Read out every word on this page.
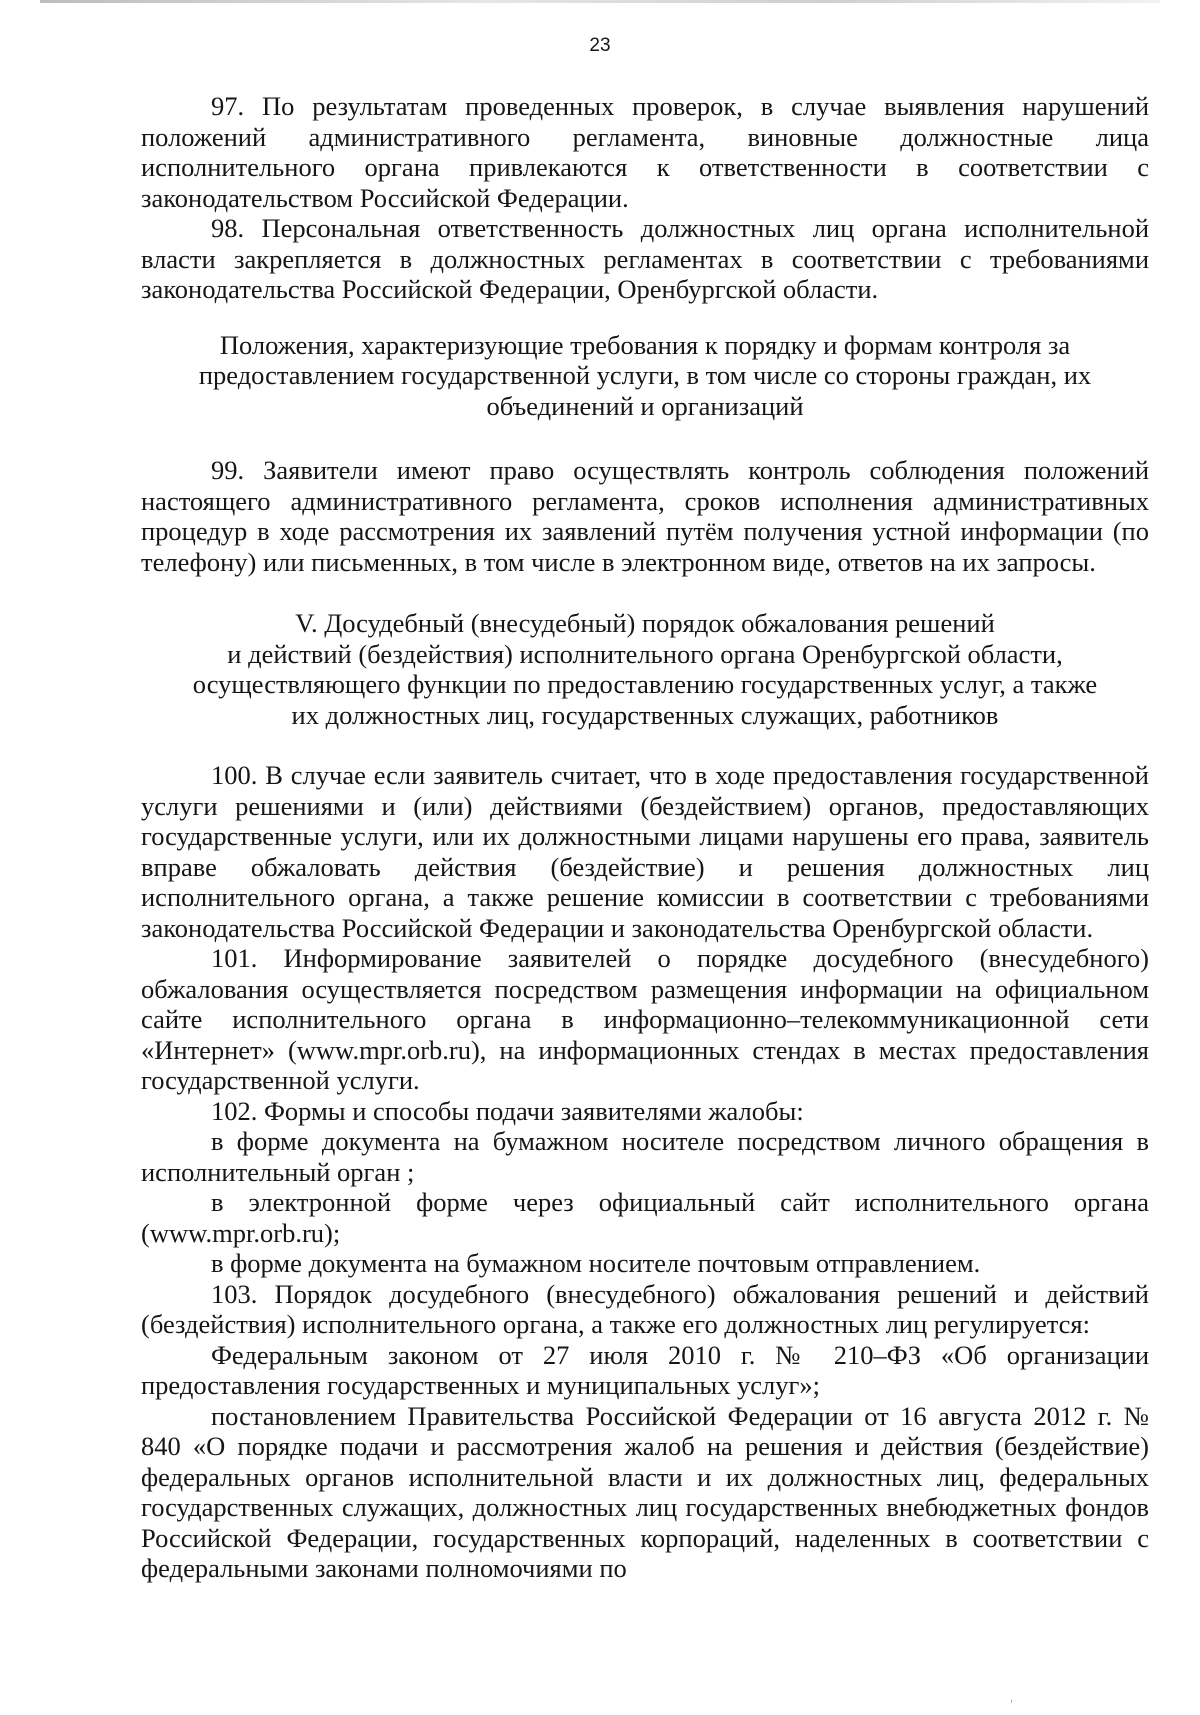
23

97. По результатам проведенных проверок, в случае выявления нарушений положений административного регламента, виновные должностные лица исполнительного органа привлекаются к ответственности в соответствии с законодательством Российской Федерации.

98. Персональная ответственность должностных лиц органа исполнительной власти закрепляется в должностных регламентах в соответствии с требованиями законодательства Российской Федерации, Оренбургской области.

Положения, характеризующие требования к порядку и формам контроля за
предоставлением государственной услуги, в том числе со стороны граждан, их
объединений и организаций

99. Заявители имеют право осуществлять контроль соблюдения положений настоящего административного регламента, сроков исполнения административных процедур в ходе рассмотрения их заявлений путём получения устной информации (по телефону) или письменных, в том числе в электронном виде, ответов на их запросы.

V. Досудебный (внесудебный) порядок обжалования решений
и действий (бездействия) исполнительного органа Оренбургской области,
осуществляющего функции по предоставлению государственных услуг, а также
их должностных лиц, государственных служащих, работников

100. В случае если заявитель считает, что в ходе предоставления государственной услуги решениями и (или) действиями (бездействием) органов, предоставляющих государственные услуги, или их должностными лицами нарушены его права, заявитель вправе обжаловать действия (бездействие) и решения должностных лиц исполнительного органа, а также решение комиссии в соответствии с требованиями законодательства Российской Федерации и законодательства Оренбургской области.

101. Информирование заявителей о порядке досудебного (внесудебного) обжалования осуществляется посредством размещения информации на официальном сайте исполнительного органа в информационно–телекоммуникационной сети «Интернет» (www.mpr.orb.ru), на информационных стендах в местах предоставления государственной услуги.

102. Формы и способы подачи заявителями жалобы:

в форме документа на бумажном носителе посредством личного обращения в исполнительный орган ;

в электронной форме через официальный сайт исполнительного органа (www.mpr.orb.ru);

в форме документа на бумажном носителе почтовым отправлением.

103. Порядок досудебного (внесудебного) обжалования решений и действий (бездействия) исполнительного органа, а также его должностных лиц регулируется:

Федеральным законом от 27 июля 2010 г. № 210–ФЗ «Об организации предоставления государственных и муниципальных услуг»;

постановлением Правительства Российской Федерации от 16 августа 2012 г. № 840 «О порядке подачи и рассмотрения жалоб на решения и действия (бездействие) федеральных органов исполнительной власти и их должностных лиц, федеральных государственных служащих, должностных лиц государственных внебюджетных фондов Российской Федерации, государственных корпораций, наделенных в соответствии с федеральными законами полномочиями по

ˈ
